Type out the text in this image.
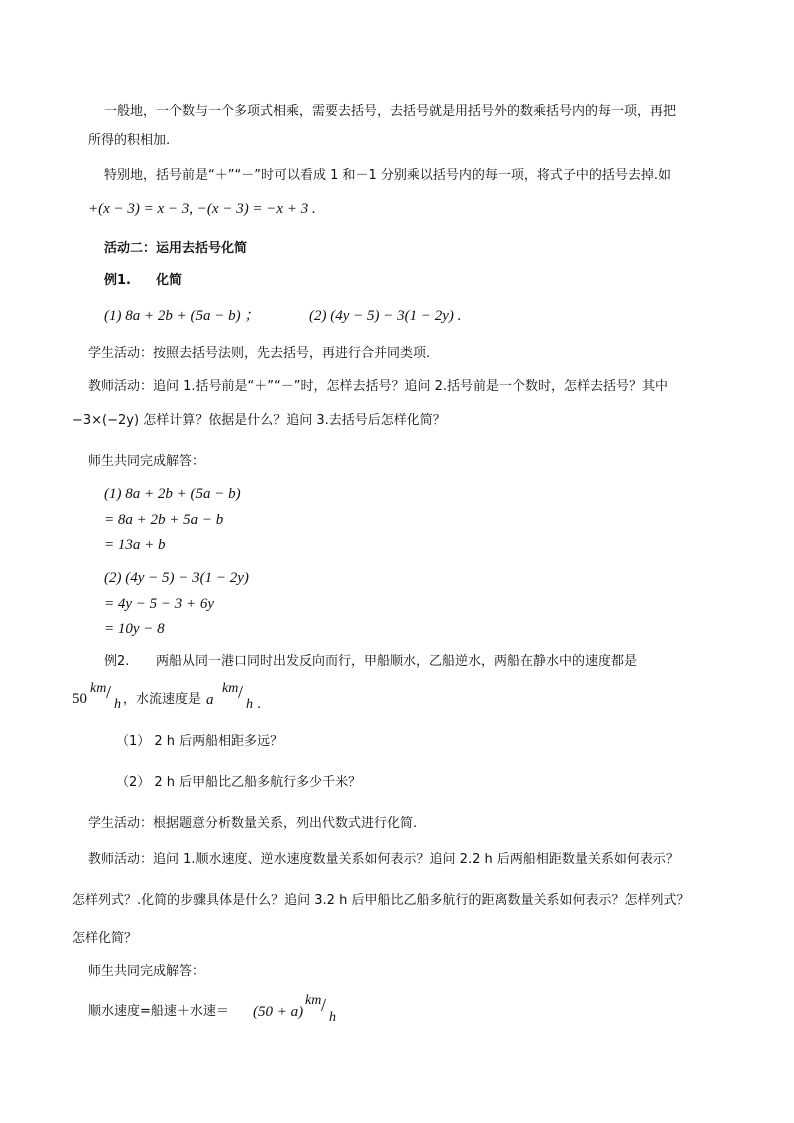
一般地，一个数与一个多项式相乘，需要去括号，去括号就是用括号外的数乘括号内的每一项，再把
所得的积相加.
特别地，括号前是“＋”“－”时可以看成 1 和－1 分别乘以括号内的每一项，将式子中的括号去掉.如
+(x − 3) = x − 3, −(x − 3) = −x + 3 .
活动二：运用去括号化简
例1. 化简
(1) 8a + 2b + (5a − b) ；	(2) (4y − 5) − 3(1 − 2y) .
学生活动：按照去括号法则，先去括号，再进行合并同类项.
教师活动：追问 1.括号前是“＋”“－”时，怎样去括号？追问 2.括号前是一个数时，怎样去括号？其中
−3×(−2y) 怎样计算？依据是什么？追问 3.去括号后怎样化简？
师生共同完成解答：
(1) 8a + 2b + (5a − b)
= 8a + 2b + 5a − b
= 13a + b
(2) (4y − 5) − 3(1 − 2y)
= 4y − 5 − 3 + 6y
= 10y − 8
例2. 两船从同一港口同时出发反向而行，甲船顺水，乙船逆水，两船在静水中的速度都是
50
km /
h ，水流速度是 a
km /
h .
（1） 2 h 后两船相距多远？
（2） 2 h 后甲船比乙船多航行多少千米？
学生活动：根据题意分析数量关系，列出代数式进行化简.
教师活动：追问 1.顺水速度、逆水速度数量关系如何表示？追问 2.2 h 后两船相距数量关系如何表示？
怎样列式？.化简的步骤具体是什么？追问 3.2 h 后甲船比乙船多航行的距离数量关系如何表示？怎样列式？
怎样化简？
师生共同完成解答：
顺水速度=船速＋水速＝ (50 + a)
km /
h
